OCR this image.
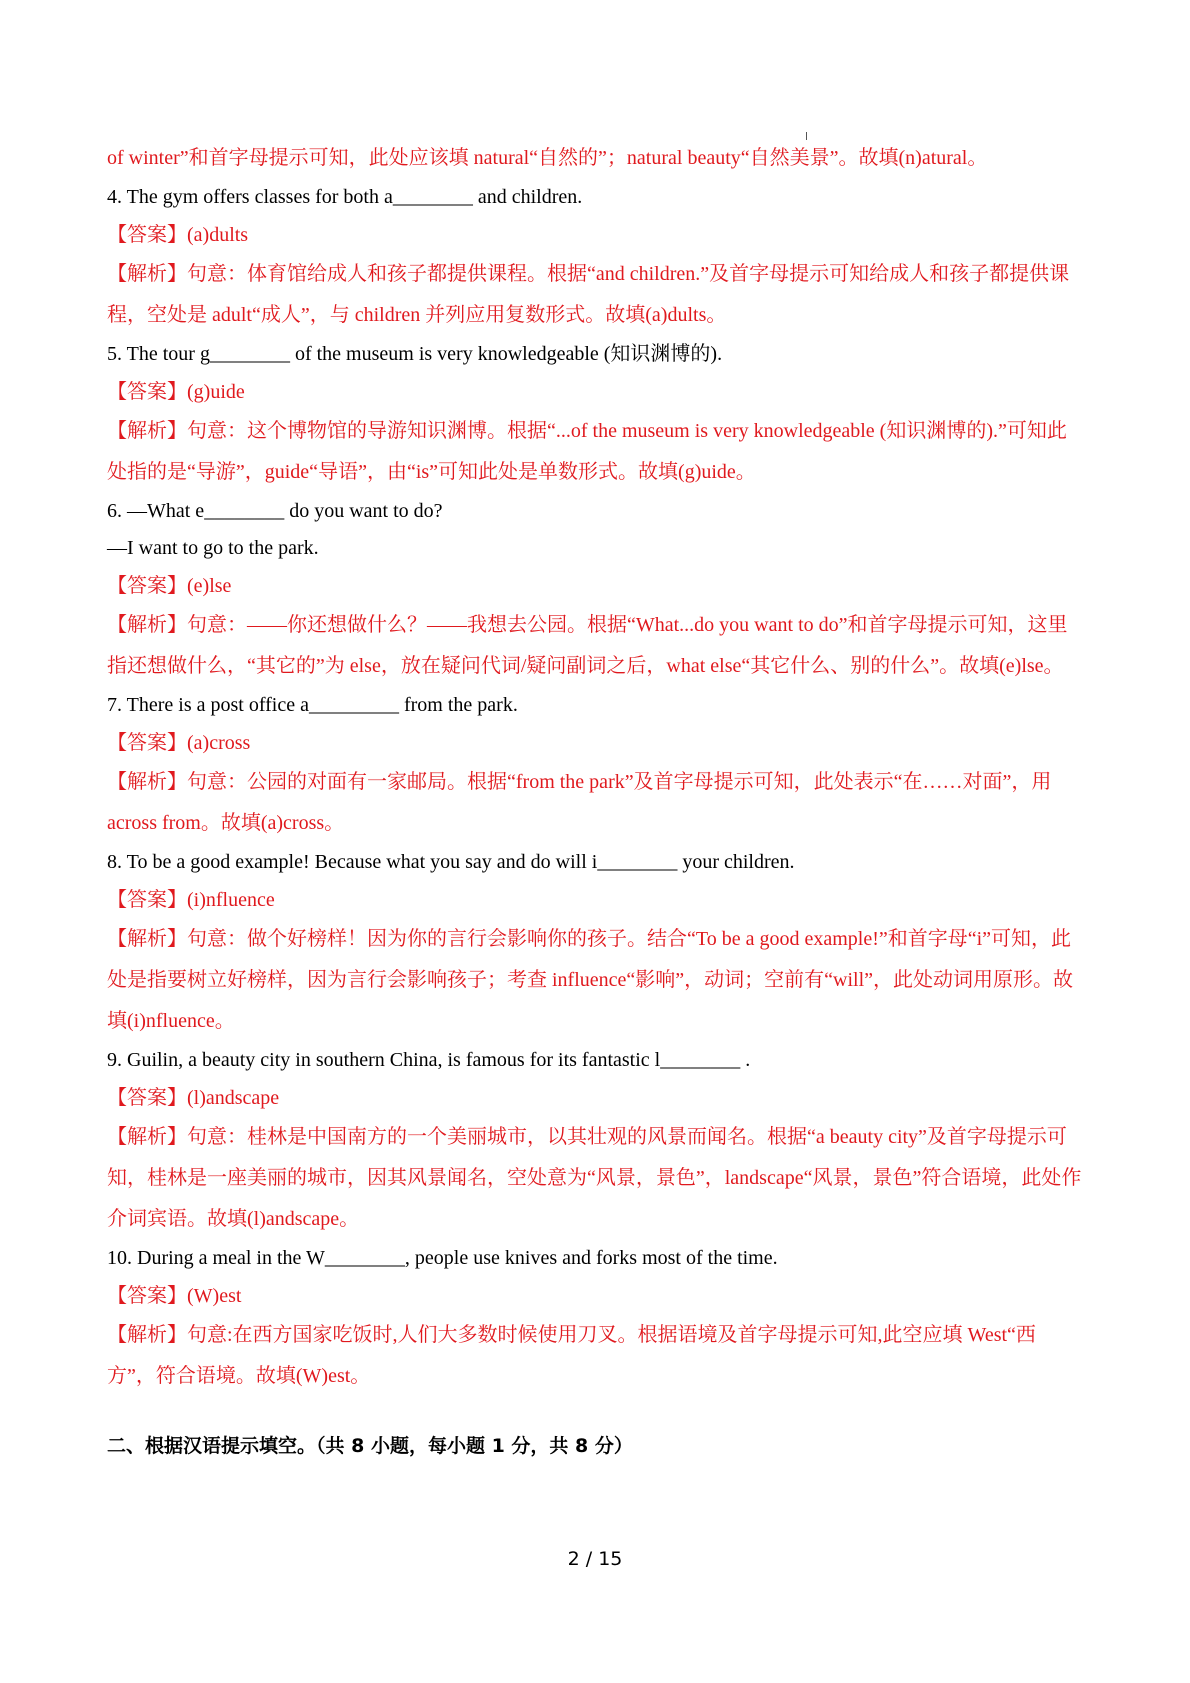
of winter”和首字母提示可知，此处应该填 natural“自然的”；natural beauty“自然美景”。故填(n)atural。
4. The gym offers classes for both a________ and children.
【答案】(a)dults
【解析】句意：体育馆给成人和孩子都提供课程。根据“and children.”及首字母提示可知给成人和孩子都提供课程，空处是 adult“成人”，与 children 并列应用复数形式。故填(a)dults。
5. The tour g________ of the museum is very knowledgeable (知识渊博的).
【答案】(g)uide
【解析】句意：这个博物馆的导游知识渊博。根据“...of the museum is very knowledgeable (知识渊博的).”可知此处指的是“导游”，guide“导语”，由“is”可知此处是单数形式。故填(g)uide。
6. —What e________ do you want to do?
—I want to go to the park.
【答案】(e)lse
【解析】句意：——你还想做什么？——我想去公园。根据“What...do you want to do”和首字母提示可知，这里指还想做什么，“其它的”为 else，放在疑问代词/疑问副词之后，what else“其它什么、别的什么”。故填(e)lse。
7. There is a post office a_________ from the park.
【答案】(a)cross
【解析】句意：公园的对面有一家邮局。根据“from the park”及首字母提示可知，此处表示“在……对面”，用 across from。故填(a)cross。
8. To be a good example! Because what you say and do will i________ your children.
【答案】(i)nfluence
【解析】句意：做个好榜样！因为你的言行会影响你的孩子。结合“To be a good example!”和首字母“i”可知，此处是指要树立好榜样，因为言行会影响孩子；考查 influence“影响”，动词；空前有“will”，此处动词用原形。故填(i)nfluence。
9. Guilin, a beauty city in southern China, is famous for its fantastic l________ .
【答案】(l)andscape
【解析】句意：桂林是中国南方的一个美丽城市，以其壮观的风景而闻名。根据“a beauty city”及首字母提示可知，桂林是一座美丽的城市，因其风景闻名，空处意为“风景，景色”，landscape“风景，景色”符合语境，此处作介词宾语。故填(l)andscape。
10. During a meal in the W________, people use knives and forks most of the time.
【答案】(W)est
【解析】句意:在西方国家吃饭时,人们大多数时候使用刀叉。根据语境及首字母提示可知,此空应填 West“西方”，符合语境。故填(W)est。
二、根据汉语提示填空。（共 8 小题，每小题 1 分，共 8 分）
2 / 15
